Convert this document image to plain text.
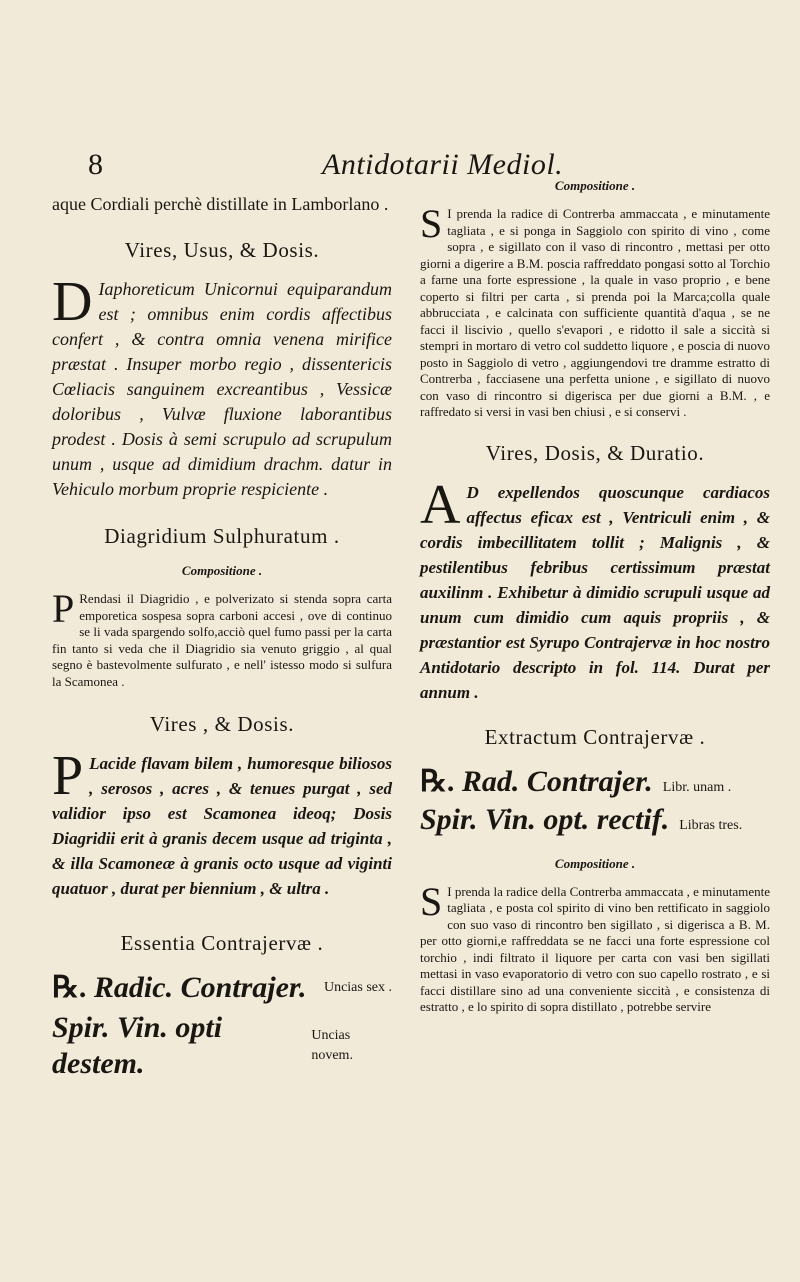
8	Antidotarii Mediol.

aque Cordiali perchè distillate in Lamborlano .

Vires, Usus, & Dosis.

D Iaphoreticum Unicornui equiparandum est ; omnibus enim cordis affectibus confert , & contra omnia venena mirifice præstat . Insuper morbo regio , dissentericis Cœliacis sanguinem excreantibus , Vessicæ doloribus , Vulvæ fluxione laborantibus prodest . Dosis à semi scrupulo ad scrupulum unum , usque ad dimidium drachm. datur in Vehiculo morbum proprie respiciente .

Diagridium Sulphuratum .

Compositione .

P Rendasi il Diagridio , e polverizato si stenda sopra carta emporetica sospesa sopra carboni accesi , ove di continuo se li vada spargendo solfo,acciò quel fumo passi per la carta fin tanto si veda che il Diagridio sia venuto griggio , al qual segno è bastevolmente sulfurato , e nell' istesso modo si sulfura la Scamonea .

Vires , & Dosis.

P Lacide flavam bilem , humoresque biliosos , serosos , acres , & tenues purgat , sed validior ipso est Scamonea ideoq; Dosis Diagridii erit à granis decem usque ad triginta , & illa Scamoneæ à granis octo usque ad viginti quatuor , durat per biennium , & ultra .

Essentia Contrajervæ .

℞. Radic. Contrajer. Uncias sex .
Spir. Vin. opti destem.
Uncias novem.

Compositione .

S I prenda la radice di Contrerba ammaccata , e minutamente tagliata , e si ponga in Saggiolo con spirito di vino , come sopra , e sigillato con il vaso di rincontro , mettasi per otto giorni a digerire a B.M. poscia raffreddato pongasi sotto al Torchio a farne una forte espressione , la quale in vaso proprio , e bene coperto si filtri per carta , si prenda poi la Marca;colla quale abbrucciata , e calcinata con sufficiente quantità d'aqua , se ne facci il liscivio , quello s'evapori , e ridotto il sale a siccità si stempri in mortaro di vetro col suddetto liquore , e poscia di nuovo posto in Saggiolo di vetro , aggiungendovi tre dramme estratto di Contrerba , facciasene una perfetta unione , e sigillato di nuovo con vaso di rincontro si digerisca per due giorni a B.M. , e raffredato si versi in vasi ben chiusi , e si conservi .

Vires, Dosis, & Duratio.

A D expellendos quoscunque cardiacos affectus eficax est , Ventriculi enim , & cordis imbecillitatem tollit ; Malignis , & pestilentibus febribus certissimum præstat auxilinm . Exhibetur à dimidio scrupuli usque ad unum cum dimidio cum aquis propriis , & præstantior est Syrupo Contrajervæ in hoc nostro Antidotario descripto in fol. 114. Durat per annum .

Extractum Contrajervæ .

℞. Rad. Contrajer. Libr. unam .
Spir. Vin. opt. rectif. Libras tres.

Compositione .

S I prenda la radice della Contrerba ammaccata , e minutamente tagliata , e posta col spirito di vino ben rettificato in saggiolo con suo vaso di rincontro ben sigillato , si digerisca a B. M. per otto giorni,e raffreddata se ne facci una forte espressione col torchio , indi filtrato il liquore per carta con vasi ben sigillati mettasi in vaso evaporatorio di vetro con suo capello rostrato , e si facci distillare sino ad una conveniente siccità , e consistenza di estratto , e lo spirito di sopra distillato , potrebbe servire
